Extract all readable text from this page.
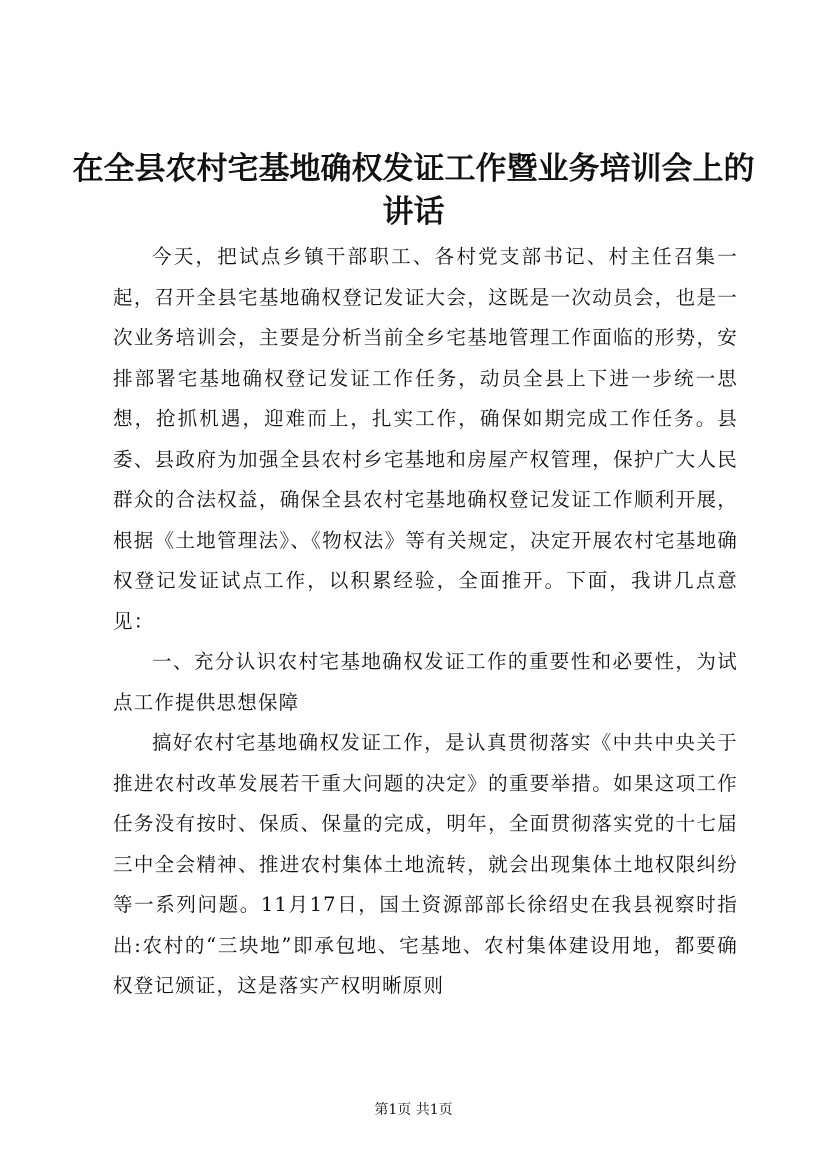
在全县农村宅基地确权发证工作暨业务培训会上的讲话

今天，把试点乡镇干部职工、各村党支部书记、村主任召集一起，召开全县宅基地确权登记发证大会，这既是一次动员会，也是一次业务培训会，主要是分析当前全乡宅基地管理工作面临的形势，安排部署宅基地确权登记发证工作任务，动员全县上下进一步统一思想，抢抓机遇，迎难而上，扎实工作，确保如期完成工作任务。县委、县政府为加强全县农村乡宅基地和房屋产权管理，保护广大人民群众的合法权益，确保全县农村宅基地确权登记发证工作顺利开展，根据《土地管理法》、《物权法》等有关规定，决定开展农村宅基地确权登记发证试点工作，以积累经验，全面推开。下面，我讲几点意见：

一、充分认识农村宅基地确权发证工作的重要性和必要性，为试点工作提供思想保障

搞好农村宅基地确权发证工作，是认真贯彻落实《中共中央关于推进农村改革发展若干重大问题的决定》的重要举措。如果这项工作任务没有按时、保质、保量的完成，明年，全面贯彻落实党的十七届三中全会精神、推进农村集体土地流转，就会出现集体土地权限纠纷等一系列问题。11月17日，国土资源部部长徐绍史在我县视察时指出:农村的“三块地”即承包地、宅基地、农村集体建设用地，都要确权登记颁证，这是落实产权明晰原则

第1页 共1页
